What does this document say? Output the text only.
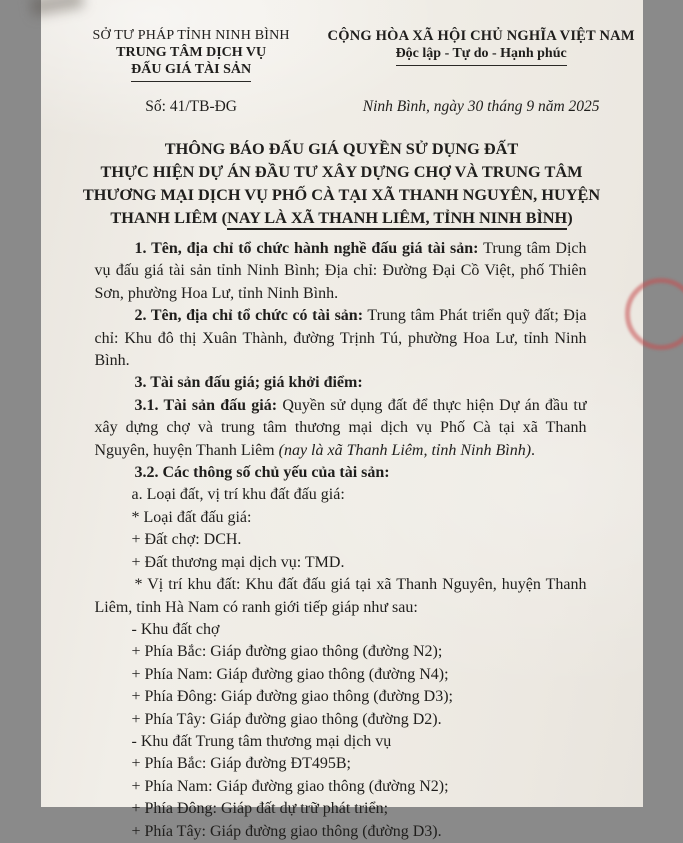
SỞ TƯ PHÁP TỈNH NINH BÌNH
TRUNG TÂM DỊCH VỤ
ĐẤU GIÁ TÀI SẢN
CỘNG HÒA XÃ HỘI CHỦ NGHĨA VIỆT NAM
Độc lập - Tự do - Hạnh phúc
Số: 41/TB-ĐG	Ninh Bình, ngày 30 tháng 9 năm 2025
THÔNG BÁO ĐẤU GIÁ QUYỀN SỬ DỤNG ĐẤT
THỰC HIỆN DỰ ÁN ĐẦU TƯ XÂY DỰNG CHỢ VÀ TRUNG TÂM
THƯƠNG MẠI DỊCH VỤ PHỐ CÀ TẠI XÃ THANH NGUYÊN, HUYỆN
THANH LIÊM (NAY LÀ XÃ THANH LIÊM, TỈNH NINH BÌNH)
1. Tên, địa chỉ tổ chức hành nghề đấu giá tài sản: Trung tâm Dịch vụ đấu giá tài sản tỉnh Ninh Bình; Địa chỉ: Đường Đại Cồ Việt, phố Thiên Sơn, phường Hoa Lư, tỉnh Ninh Bình.
2. Tên, địa chỉ tổ chức có tài sản: Trung tâm Phát triển quỹ đất; Địa chỉ: Khu đô thị Xuân Thành, đường Trịnh Tú, phường Hoa Lư, tỉnh Ninh Bình.
3. Tài sản đấu giá; giá khởi điểm:
3.1. Tài sản đấu giá: Quyền sử dụng đất để thực hiện Dự án đầu tư xây dựng chợ và trung tâm thương mại dịch vụ Phố Cà tại xã Thanh Nguyên, huyện Thanh Liêm (nay là xã Thanh Liêm, tỉnh Ninh Bình).
3.2. Các thông số chủ yếu của tài sản:
a. Loại đất, vị trí khu đất đấu giá:
* Loại đất đấu giá:
+ Đất chợ: DCH.
+ Đất thương mại dịch vụ: TMD.
* Vị trí khu đất: Khu đất đấu giá tại xã Thanh Nguyên, huyện Thanh Liêm, tỉnh Hà Nam có ranh giới tiếp giáp như sau:
- Khu đất chợ
+ Phía Bắc: Giáp đường giao thông (đường N2);
+ Phía Nam: Giáp đường giao thông (đường N4);
+ Phía Đông: Giáp đường giao thông (đường D3);
+ Phía Tây: Giáp đường giao thông (đường D2).
- Khu đất Trung tâm thương mại dịch vụ
+ Phía Bắc: Giáp đường ĐT495B;
+ Phía Nam: Giáp đường giao thông (đường N2);
+ Phía Đông: Giáp đất dự trữ phát triển;
+ Phía Tây: Giáp đường giao thông (đường D3).
